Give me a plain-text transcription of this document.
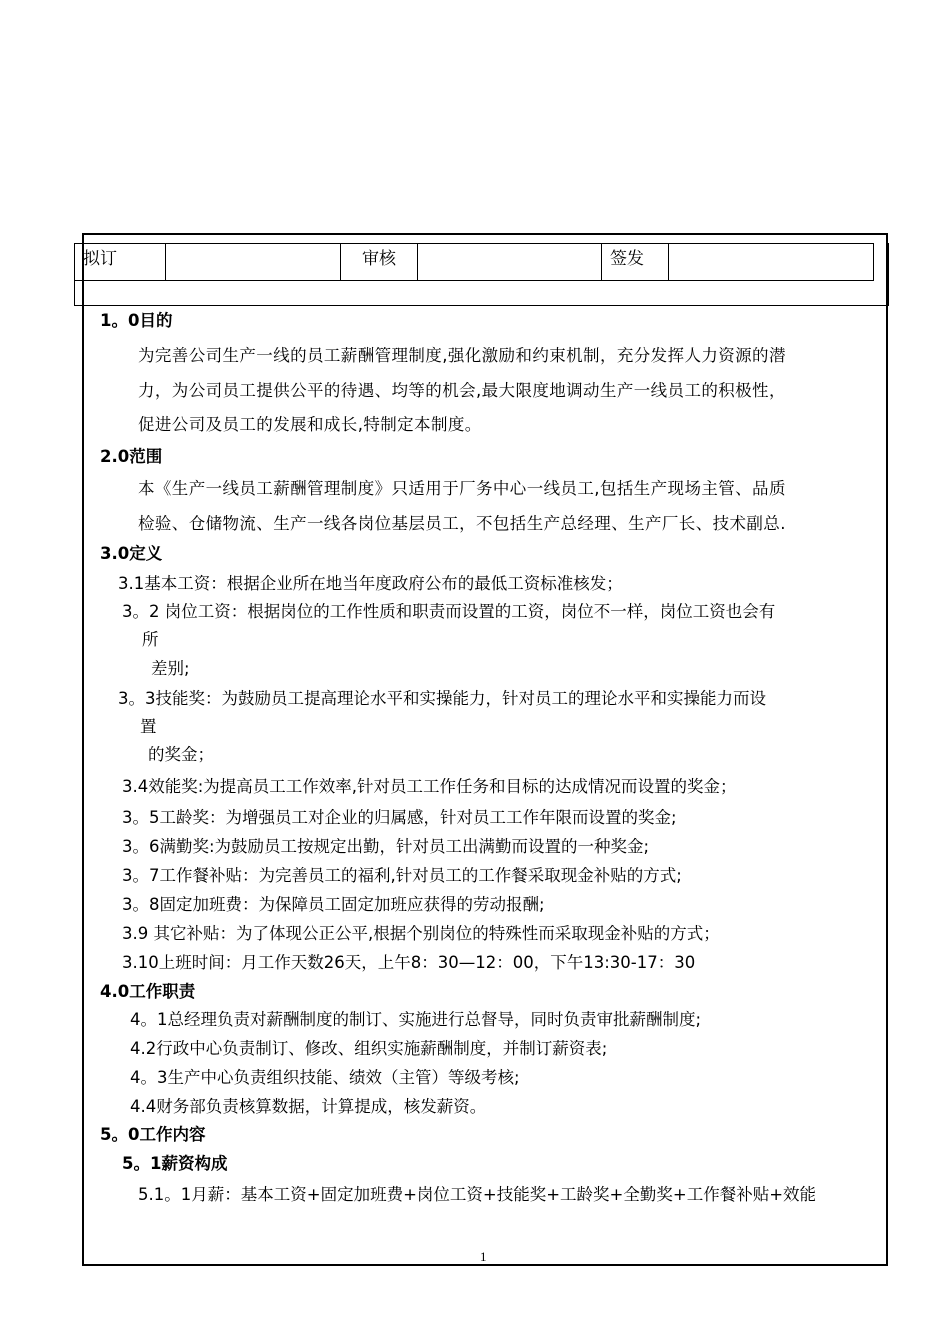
拟订		审核		签发	
1。0目的
为完善公司生产一线的员工薪酬管理制度,强化激励和约束机制，充分发挥人力资源的潜
力，为公司员工提供公平的待遇、均等的机会,最大限度地调动生产一线员工的积极性，
促进公司及员工的发展和成长,特制定本制度。
2.0范围
本《生产一线员工薪酬管理制度》只适用于厂务中心一线员工,包括生产现场主管、品质
检验、仓储物流、生产一线各岗位基层员工，不包括生产总经理、生产厂长、技术副总.
3.0定义
3.1基本工资：根据企业所在地当年度政府公布的最低工资标准核发；
3。2 岗位工资：根据岗位的工作性质和职责而设置的工资，岗位不一样，岗位工资也会有
所
差别;
3。3技能奖：为鼓励员工提高理论水平和实操能力，针对员工的理论水平和实操能力而设
置
的奖金；
3.4效能奖:为提高员工工作效率,针对员工工作任务和目标的达成情况而设置的奖金；
3。5工龄奖：为增强员工对企业的归属感，针对员工工作年限而设置的奖金;
3。6满勤奖:为鼓励员工按规定出勤，针对员工出满勤而设置的一种奖金;
3。7工作餐补贴：为完善员工的福利,针对员工的工作餐采取现金补贴的方式;
3。8固定加班费：为保障员工固定加班应获得的劳动报酬;
3.9 其它补贴：为了体现公正公平,根据个别岗位的特殊性而采取现金补贴的方式；
3.10上班时间：月工作天数26天，上午8：30—12：00，下午13:30-17：30
4.0工作职责
4。1总经理负责对薪酬制度的制订、实施进行总督导，同时负责审批薪酬制度;
4.2行政中心负责制订、修改、组织实施薪酬制度，并制订薪资表;
4。3生产中心负责组织技能、绩效（主管）等级考核;
4.4财务部负责核算数据，计算提成，核发薪资。
5。0工作内容
5。1薪资构成
5.1。1月薪：基本工资+固定加班费+岗位工资+技能奖+工龄奖+全勤奖+工作餐补贴+效能
1
